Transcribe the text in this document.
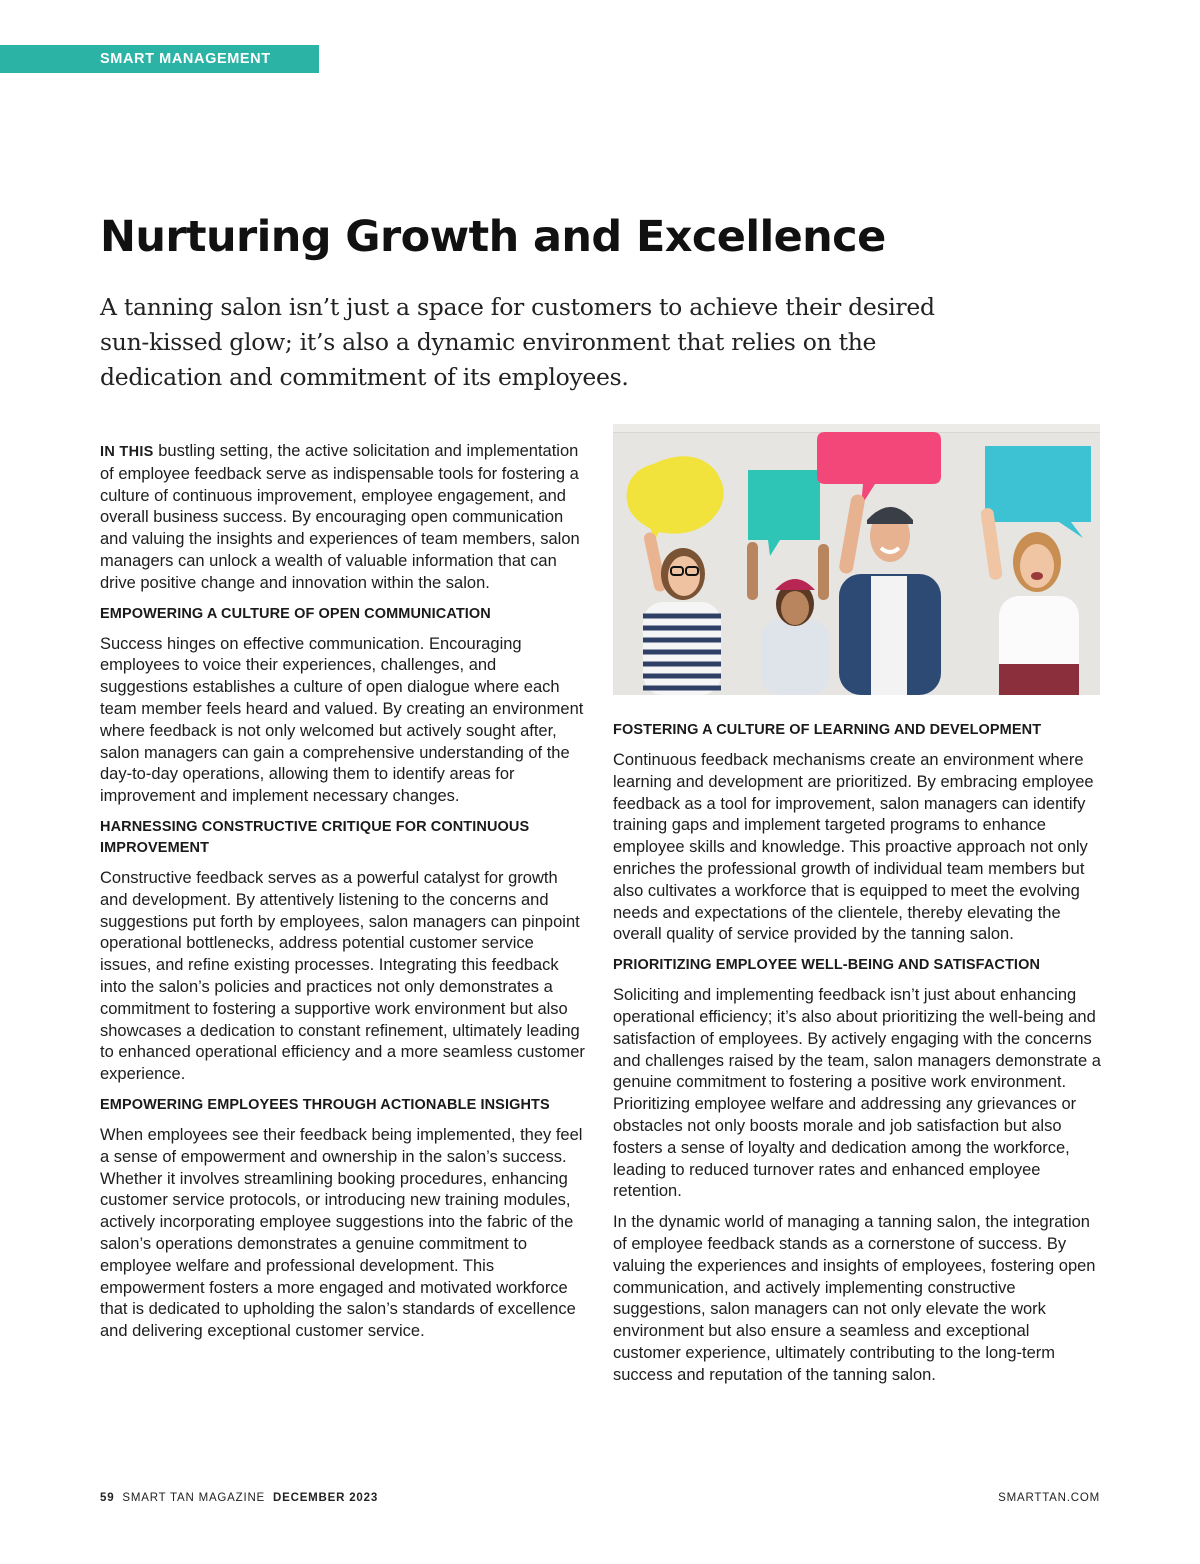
SMART MANAGEMENT
Nurturing Growth and Excellence

A tanning salon isn’t just a space for customers to achieve their desired sun-kissed glow; it’s also a dynamic environment that relies on the dedication and commitment of its employees.

IN THIS bustling setting, the active solicitation and implementation of employee feedback serve as indispensable tools for fostering a culture of continuous improvement, employee engagement, and overall business success. By encouraging open communication and valuing the insights and experiences of team members, salon managers can unlock a wealth of valuable information that can drive positive change and innovation within the salon.

EMPOWERING A CULTURE OF OPEN COMMUNICATION

Success hinges on effective communication. Encouraging employees to voice their experiences, challenges, and suggestions establishes a culture of open dialogue where each team member feels heard and valued. By creating an environment where feedback is not only welcomed but actively sought after, salon managers can gain a comprehensive understanding of the day-to-day operations, allowing them to identify areas for improvement and implement necessary changes.

HARNESSING CONSTRUCTIVE CRITIQUE FOR CONTINUOUS IMPROVEMENT

Constructive feedback serves as a powerful catalyst for growth and development. By attentively listening to the concerns and suggestions put forth by employees, salon managers can pinpoint operational bottlenecks, address potential customer service issues, and refine existing processes. Integrating this feedback into the salon’s policies and practices not only demonstrates a commitment to fostering a supportive work environment but also showcases a dedication to constant refinement, ultimately leading to enhanced operational efficiency and a more seamless customer experience.

EMPOWERING EMPLOYEES THROUGH ACTIONABLE INSIGHTS

When employees see their feedback being implemented, they feel a sense of empowerment and ownership in the salon’s success. Whether it involves streamlining booking procedures, enhancing customer service protocols, or introducing new training modules, actively incorporating employee suggestions into the fabric of the salon’s operations demonstrates a genuine commitment to employee welfare and professional development. This empowerment fosters a more engaged and motivated workforce that is dedicated to upholding the salon’s standards of excellence and delivering exceptional customer service.

FOSTERING A CULTURE OF LEARNING AND DEVELOPMENT

Continuous feedback mechanisms create an environment where learning and development are prioritized. By embracing employee feedback as a tool for improvement, salon managers can identify training gaps and implement targeted programs to enhance employee skills and knowledge. This proactive approach not only enriches the professional growth of individual team members but also cultivates a workforce that is equipped to meet the evolving needs and expectations of the clientele, thereby elevating the overall quality of service provided by the tanning salon.

PRIORITIZING EMPLOYEE WELL-BEING AND SATISFACTION

Soliciting and implementing feedback isn’t just about enhancing operational efficiency; it’s also about prioritizing the well-being and satisfaction of employees. By actively engaging with the concerns and challenges raised by the team, salon managers demonstrate a genuine commitment to fostering a positive work environment. Prioritizing employee welfare and addressing any grievances or obstacles not only boosts morale and job satisfaction but also fosters a sense of loyalty and dedication among the workforce, leading to reduced turnover rates and enhanced employee retention.

In the dynamic world of managing a tanning salon, the integration of employee feedback stands as a cornerstone of success. By valuing the experiences and insights of employees, fostering open communication, and actively implementing constructive suggestions, salon managers can not only elevate the work environment but also ensure a seamless and exceptional customer experience, ultimately contributing to the long-term success and reputation of the tanning salon.

59 SMART TAN MAGAZINE DECEMBER 2023	SMARTTAN.COM
